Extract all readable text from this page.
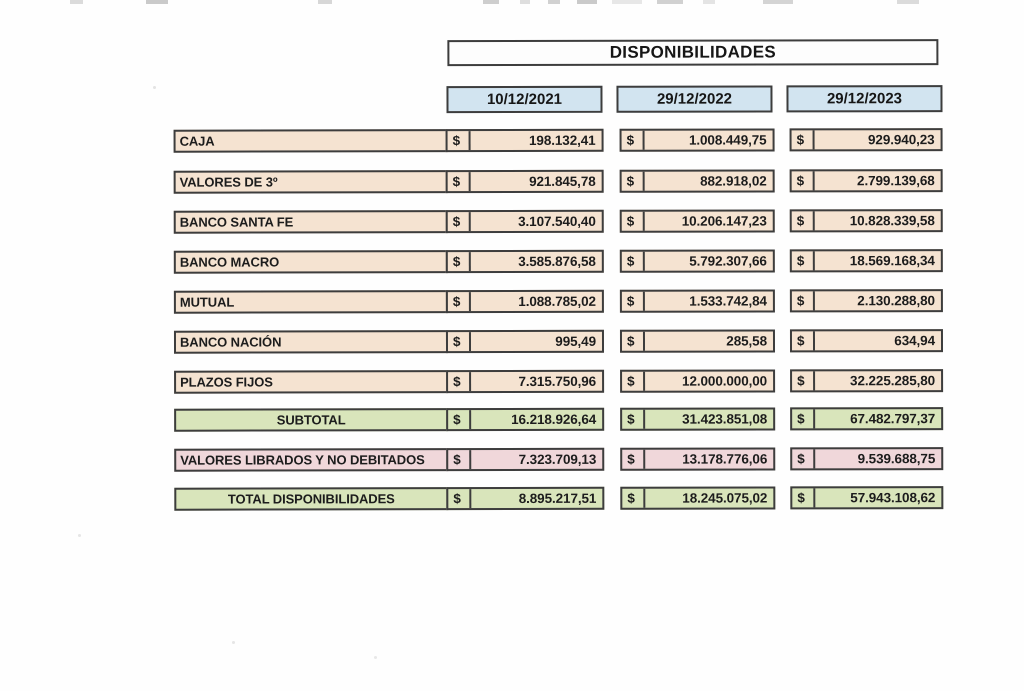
DISPONIBILIDADES
10/12/2021	29/12/2022	29/12/2023
CAJA	$	198.132,41	$	1.008.449,75	$	929.940,23
VALORES DE 3º	$	921.845,78	$	882.918,02	$	2.799.139,68
BANCO SANTA FE	$	3.107.540,40	$	10.206.147,23	$	10.828.339,58
BANCO MACRO	$	3.585.876,58	$	5.792.307,66	$	18.569.168,34
MUTUAL	$	1.088.785,02	$	1.533.742,84	$	2.130.288,80
BANCO NACIÓN	$	995,49	$	285,58	$	634,94
PLAZOS FIJOS	$	7.315.750,96	$	12.000.000,00	$	32.225.285,80
SUBTOTAL	$	16.218.926,64	$	31.423.851,08	$	67.482.797,37
VALORES LIBRADOS Y NO DEBITADOS	$	7.323.709,13	$	13.178.776,06	$	9.539.688,75
TOTAL DISPONIBILIDADES	$	8.895.217,51	$	18.245.075,02	$	57.943.108,62
